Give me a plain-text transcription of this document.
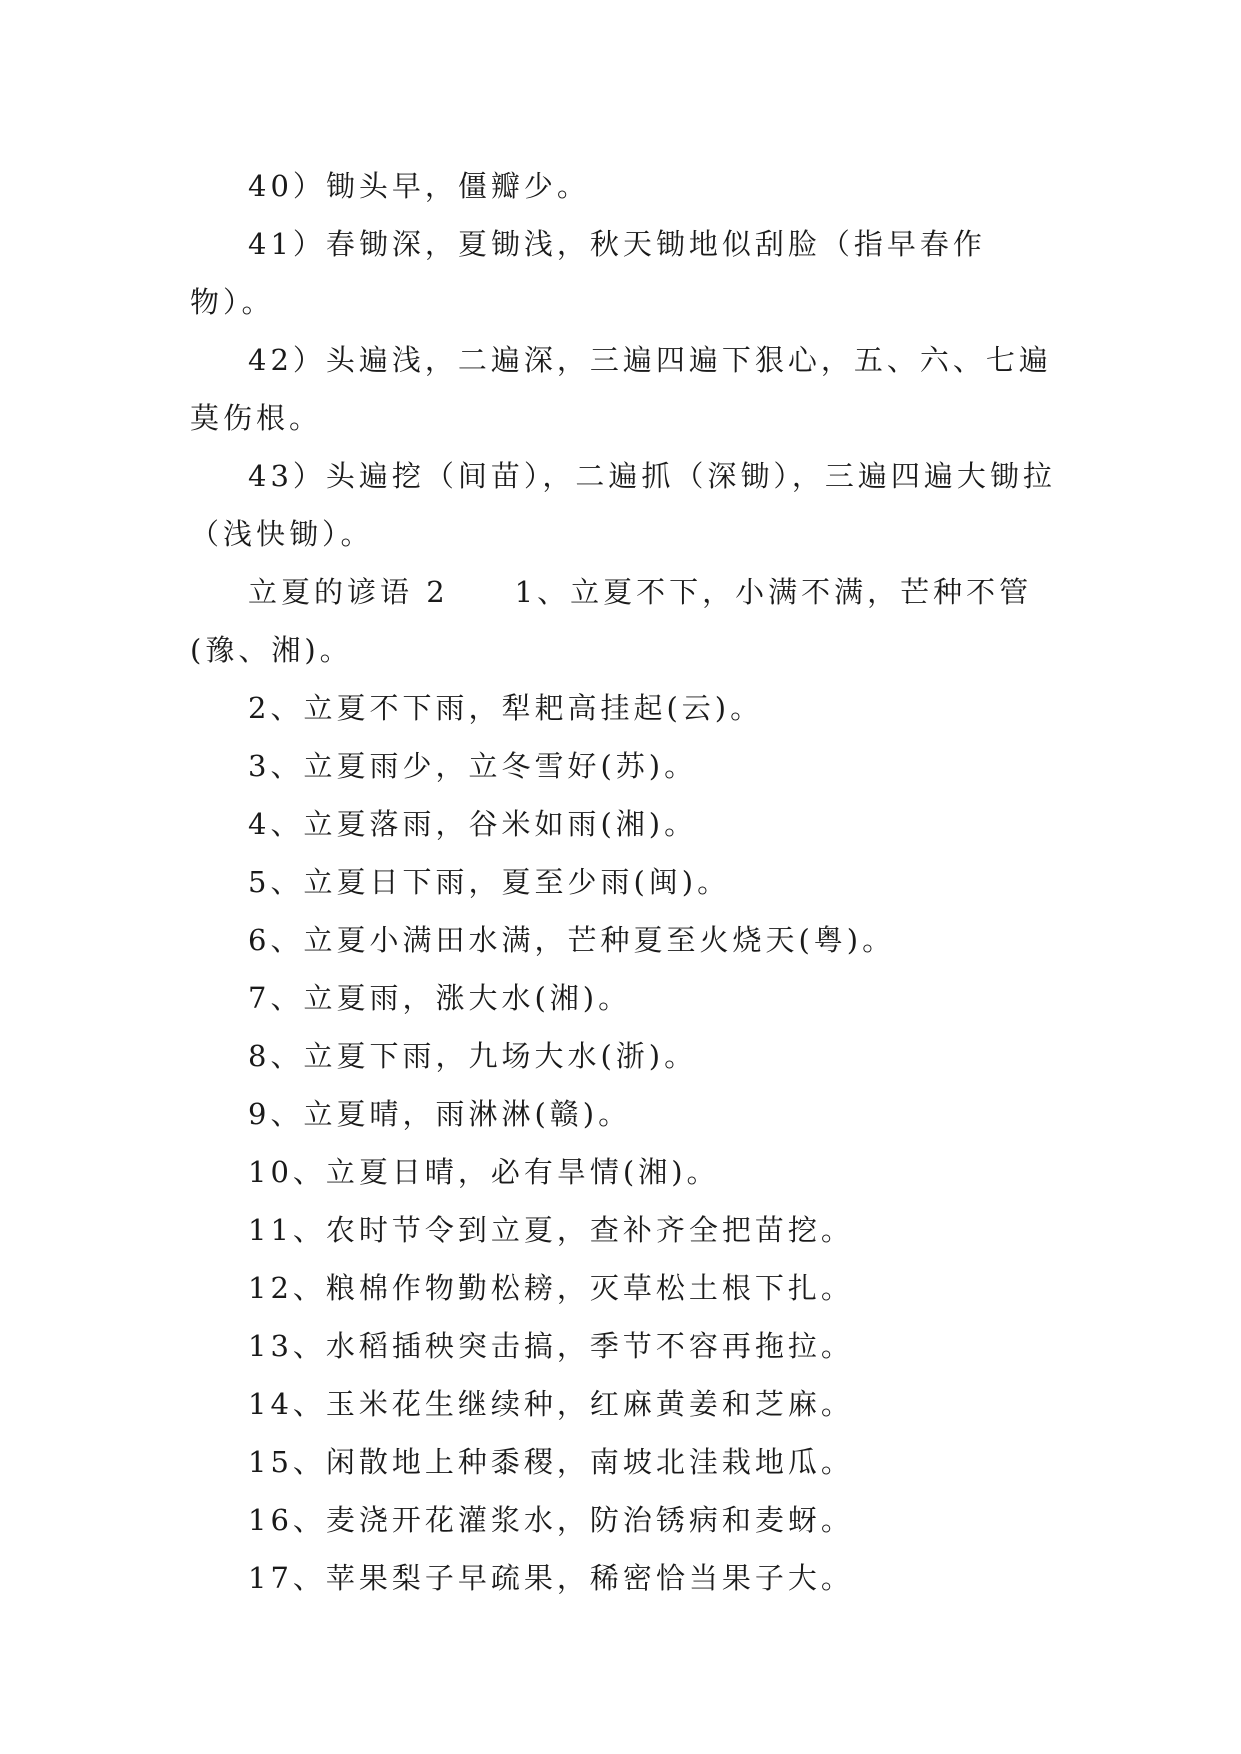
40）锄头早，僵瓣少。

41）春锄深，夏锄浅，秋天锄地似刮脸（指早春作物）。

42）头遍浅，二遍深，三遍四遍下狠心，五、六、七遍莫伤根。

43）头遍挖（间苗），二遍抓（深锄），三遍四遍大锄拉（浅快锄）。

立夏的谚语 2　　1、立夏不下，小满不满，芒种不管(豫、湘)。

2、立夏不下雨，犁耙高挂起(云)。

3、立夏雨少，立冬雪好(苏)。

4、立夏落雨，谷米如雨(湘)。

5、立夏日下雨，夏至少雨(闽)。

6、立夏小满田水满，芒种夏至火烧天(粤)。

7、立夏雨，涨大水(湘)。

8、立夏下雨，九场大水(浙)。

9、立夏晴，雨淋淋(赣)。

10、立夏日晴，必有旱情(湘)。

11、农时节令到立夏，查补齐全把苗挖。

12、粮棉作物勤松耪，灭草松土根下扎。

13、水稻插秧突击搞，季节不容再拖拉。

14、玉米花生继续种，红麻黄姜和芝麻。

15、闲散地上种黍稷，南坡北洼栽地瓜。

16、麦浇开花灌浆水，防治锈病和麦蚜。

17、苹果梨子早疏果，稀密恰当果子大。
